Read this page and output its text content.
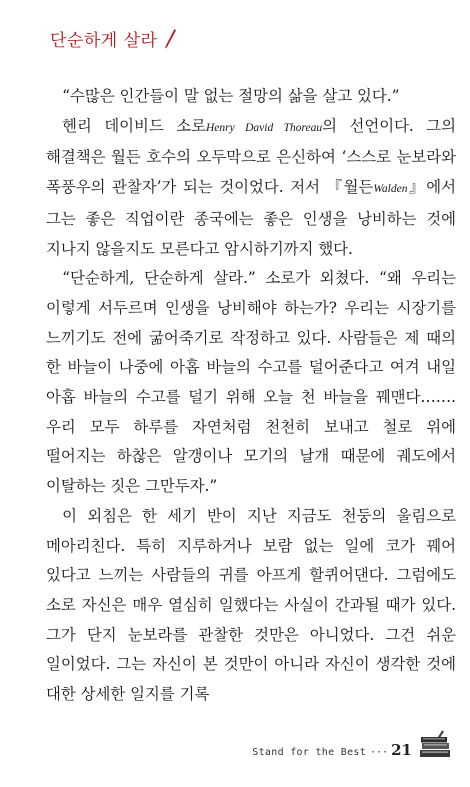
단순하게 살라

“수많은 인간들이 말 없는 절망의 삶을 살고 있다.”

헨리 데이비드 소로Henry David Thoreau의 선언이다. 그의 해결책은 월든 호수의 오두막으로 은신하여 ‘스스로 눈보라와 폭풍우의 관찰자’가 되는 것이었다. 저서 『월든Walden』에서 그는 좋은 직업이란 종국에는 좋은 인생을 낭비하는 것에 지나지 않을지도 모른다고 암시하기까지 했다.

“단순하게, 단순하게 살라.” 소로가 외쳤다. “왜 우리는 이렇게 서두르며 인생을 낭비해야 하는가? 우리는 시장기를 느끼기도 전에 굶어죽기로 작정하고 있다. 사람들은 제 때의 한 바늘이 나중에 아홉 바늘의 수고를 덜어준다고 여겨 내일 아홉 바늘의 수고를 덜기 위해 오늘 천 바늘을 꿰맨다……. 우리 모두 하루를 자연처럼 천천히 보내고 철로 위에 떨어지는 하찮은 알갱이나 모기의 날개 때문에 궤도에서 이탈하는 짓은 그만두자.”

이 외침은 한 세기 반이 지난 지금도 천둥의 울림으로 메아리친다. 특히 지루하거나 보람 없는 일에 코가 꿰어 있다고 느끼는 사람들의 귀를 아프게 할퀴어댄다. 그럼에도 소로 자신은 매우 열심히 일했다는 사실이 간과될 때가 있다. 그가 단지 눈보라를 관찰한 것만은 아니었다. 그건 쉬운 일이었다. 그는 자신이 본 것만이 아니라 자신이 생각한 것에 대한 상세한 일지를 기록

Stand for the Best ··· 21
